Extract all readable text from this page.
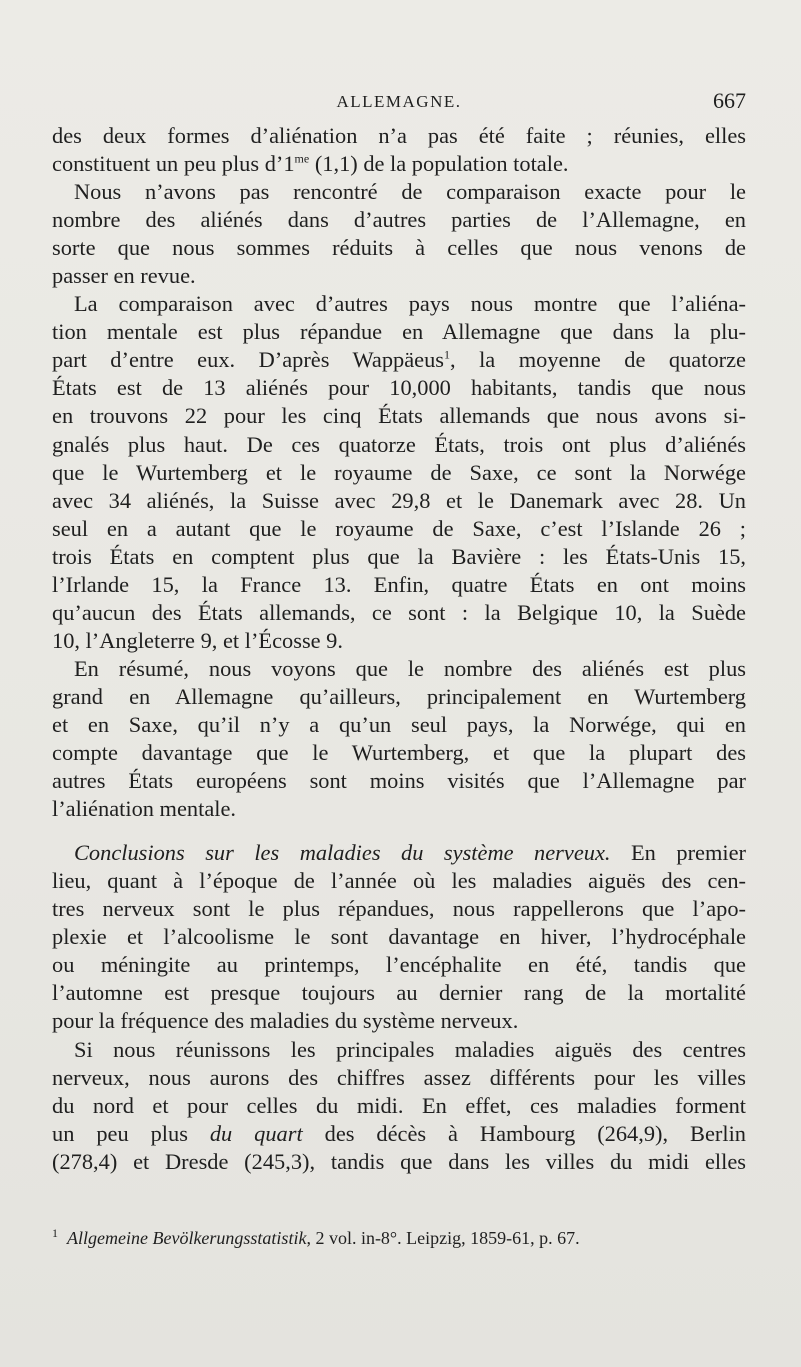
ALLEMAGNE.	667

des deux formes d’aliénation n’a pas été faite ; réunies, elles
constituent un peu plus $d’1^{me}$ (1,1) de la population totale.

Nous n’avons pas rencontré de comparaison exacte pour le
nombre des aliénés dans d’autres parties de l’Allemagne, en
sorte que nous sommes réduits à celles que nous venons de
passer en revue.

La comparaison avec d’autres pays nous montre que l’aliéna-
tion mentale est plus répandue en Allemagne que dans la plu-
part d’entre eux. D’après Wappäeus$^1$, la moyenne de quatorze
États est de 13 aliénés pour 10,000 habitants, tandis que nous
en trouvons 22 pour les cinq États allemands que nous avons si-
gnalés plus haut. De ces quatorze États, trois ont plus d’aliénés
que le Wurtemberg et le royaume de Saxe, ce sont la Norwége
avec 34 aliénés, la Suisse avec 29,8 et le Danemark avec 28. Un
seul en a autant que le royaume de Saxe, c’est l’Islande 26 ;
trois États en comptent plus que la Bavière : les États-Unis 15,
l’Irlande 15, la France 13. Enfin, quatre États en ont moins
qu’aucun des États allemands, ce sont : la Belgique 10, la Suède
10, l’Angleterre 9, et l’Écosse 9.

En résumé, nous voyons que le nombre des aliénés est plus
grand en Allemagne qu’ailleurs, principalement en Wurtemberg
et en Saxe, qu’il n’y a qu’un seul pays, la Norwége, qui en
compte davantage que le Wurtemberg, et que la plupart des
autres États européens sont moins visités que l’Allemagne par
l’aliénation mentale.

Conclusions sur les maladies du système nerveux. En premier
lieu, quant à l’époque de l’année où les maladies aiguës des cen-
tres nerveux sont le plus répandues, nous rappellerons que l’apo-
plexie et l’alcoolisme le sont davantage en hiver, l’hydrocéphale
ou méningite au printemps, l’encéphalite en été, tandis que
l’automne est presque toujours au dernier rang de la mortalité
pour la fréquence des maladies du système nerveux.

Si nous réunissons les principales maladies aiguës des centres
nerveux, nous aurons des chiffres assez différents pour les villes
du nord et pour celles du midi. En effet, ces maladies forment
un peu plus du quart des décès à Hambourg (264,9), Berlin
(278,4) et Dresde (245,3), tandis que dans les villes du midi elles

$^1$ Allgemeine Bevölkerungsstatistik, 2 vol. in-8°. Leipzig, 1859-61, p. 67.
